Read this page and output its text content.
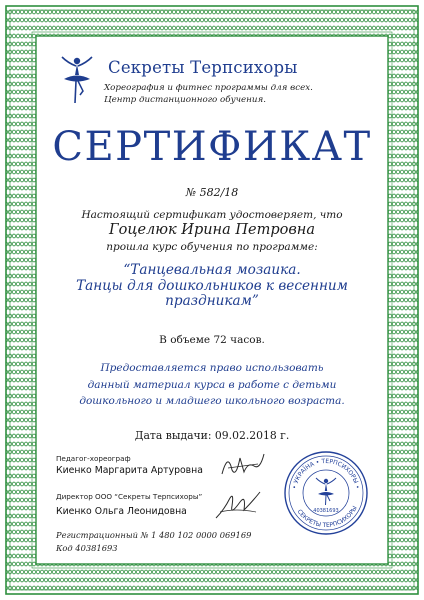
Секреты Терпсихоры
Хореография и фитнес программы для всех.
Центр дистанционного обучения.
СЕРТИФИКАТ
№ 582/18
Настоящий сертификат удостоверяет, что
Гоцелюк Ирина Петровна
прошла курс обучения по программе:
“Танцевальная мозаика.
Танцы для дошкольников к весенним
праздникам”
В объеме 72 часов.
Предоставляется право использовать
данный материал курса в работе с детьми
дошкольного и младшего школьного возраста.
Дата выдачи: 09.02.2018 г.
Педагог-хореограф
Киенко Маргарита Артуровна
Директор ООО “Секреты Терпсихоры”
Киенко Ольга Леонидовна
Регистрационный № 1 480 102 0000 069169
Код 40381693
• УКРАЇНА • ТЕРПСИХОРЫ •
СЕКРЕТЫ ТЕРПСИХОРЫ
40381693
